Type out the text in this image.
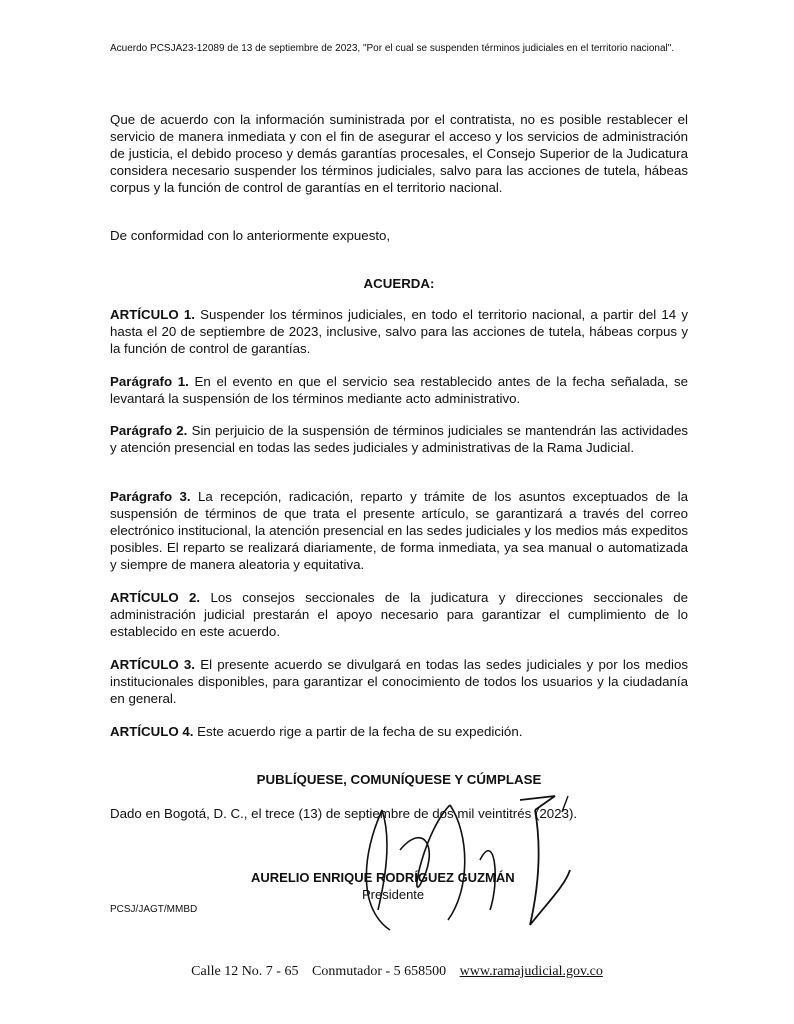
Acuerdo PCSJA23-12089 de 13 de septiembre de 2023, "Por el cual se suspenden términos judiciales en el territorio nacional".

Que de acuerdo con la información suministrada por el contratista, no es posible restablecer el servicio de manera inmediata y con el fin de asegurar el acceso y los servicios de administración de justicia, el debido proceso y demás garantías procesales, el Consejo Superior de la Judicatura considera necesario suspender los términos judiciales, salvo para las acciones de tutela, hábeas corpus y la función de control de garantías en el territorio nacional.

De conformidad con lo anteriormente expuesto,

ACUERDA:

ARTÍCULO 1. Suspender los términos judiciales, en todo el territorio nacional, a partir del 14 y hasta el 20 de septiembre de 2023, inclusive, salvo para las acciones de tutela, hábeas corpus y la función de control de garantías.

Parágrafo 1. En el evento en que el servicio sea restablecido antes de la fecha señalada, se levantará la suspensión de los términos mediante acto administrativo.

Parágrafo 2. Sin perjuicio de la suspensión de términos judiciales se mantendrán las actividades y atención presencial en todas las sedes judiciales y administrativas de la Rama Judicial.

Parágrafo 3. La recepción, radicación, reparto y trámite de los asuntos exceptuados de la suspensión de términos de que trata el presente artículo, se garantizará a través del correo electrónico institucional, la atención presencial en las sedes judiciales y los medios más expeditos posibles. El reparto se realizará diariamente, de forma inmediata, ya sea manual o automatizada y siempre de manera aleatoria y equitativa.

ARTÍCULO 2. Los consejos seccionales de la judicatura y direcciones seccionales de administración judicial prestarán el apoyo necesario para garantizar el cumplimiento de lo establecido en este acuerdo.

ARTÍCULO 3. El presente acuerdo se divulgará en todas las sedes judiciales y por los medios institucionales disponibles, para garantizar el conocimiento de todos los usuarios y la ciudadanía en general.

ARTÍCULO 4. Este acuerdo rige a partir de la fecha de su expedición.

PUBLÍQUESE, COMUNÍQUESE Y CÚMPLASE

Dado en Bogotá, D. C., el trece (13) de septiembre de dos mil veintitrés (2023).

AURELIO ENRIQUE RODRÍGUEZ GUZMÁN
Presidente
PCSJ/JAGT/MMBD
Calle 12 No. 7 - 65 Conmutador - 5 658500 www.ramajudicial.gov.co
